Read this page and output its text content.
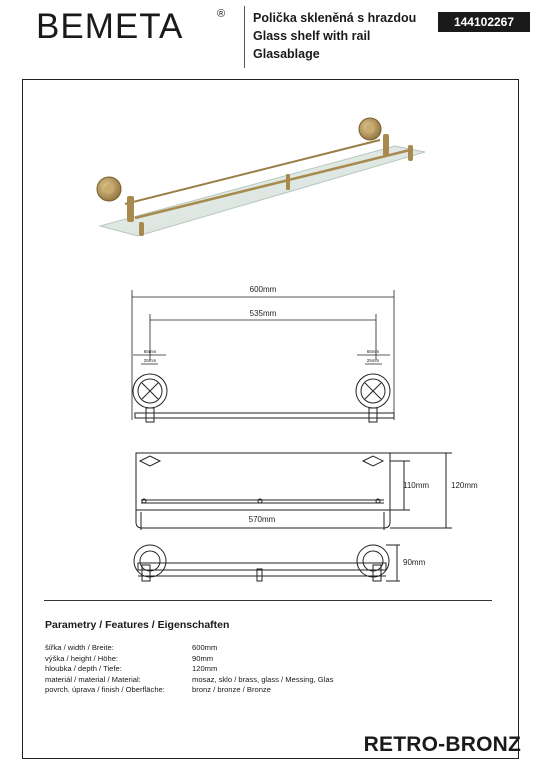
BEMETA	® Polička skleněná s hrazdou
Glass shelf with rail
Glasablage
144102267
600mm
535mm
65mm
25mm
65mm
25mm
110mm	120mm
570mm
90mm
Parametry / Features / Eigenschaften
šířka / width / Breite:	600mm
výška / height / Höhe:	90mm
hloubka / depth / Tiefe:	120mm
materiál / material / Material:	mosaz, sklo / brass, glass / Messing, Glas
povrch. úprava / finish / Oberfläche:	bronz / bronze / Bronze
RETRO-BRONZ
